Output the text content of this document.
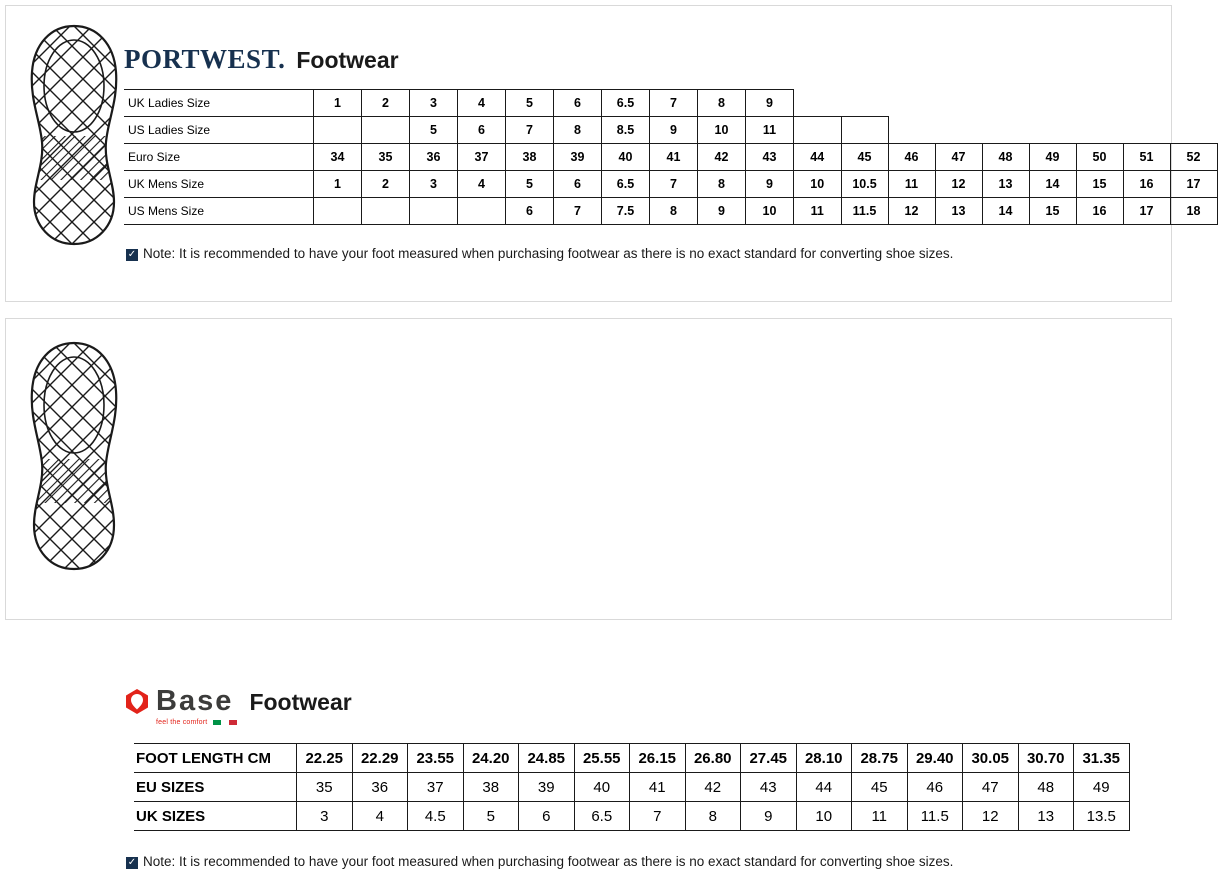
PORTWEST. Footwear
UK Ladies Size	1	2	3	4	5	6	6.5	7	8	9									
US Ladies Size			5	6	7	8	8.5	9	10	11									
Euro Size	34	35	36	37	38	39	40	41	42	43	44	45	46	47	48	49	50	51	52
UK Mens Size	1	2	3	4	5	6	6.5	7	8	9	10	10.5	11	12	13	14	15	16	17
US Mens Size					6	7	7.5	8	9	10	11	11.5	12	13	14	15	16	17	18
✓ Note: It is recommended to have your foot measured when purchasing footwear as there is no exact standard for converting shoe sizes.
Base
feel the comfort
Footwear
FOOT LENGTH CM	22.25	22.29	23.55	24.20	24.85	25.55	26.15	26.80	27.45	28.10	28.75	29.40	30.05	30.70	31.35
EU SIZES	35	36	37	38	39	40	41	42	43	44	45	46	47	48	49
UK SIZES	3	4	4.5	5	6	6.5	7	8	9	10	11	11.5	12	13	13.5
✓ Note: It is recommended to have your foot measured when purchasing footwear as there is no exact standard for converting shoe sizes.
